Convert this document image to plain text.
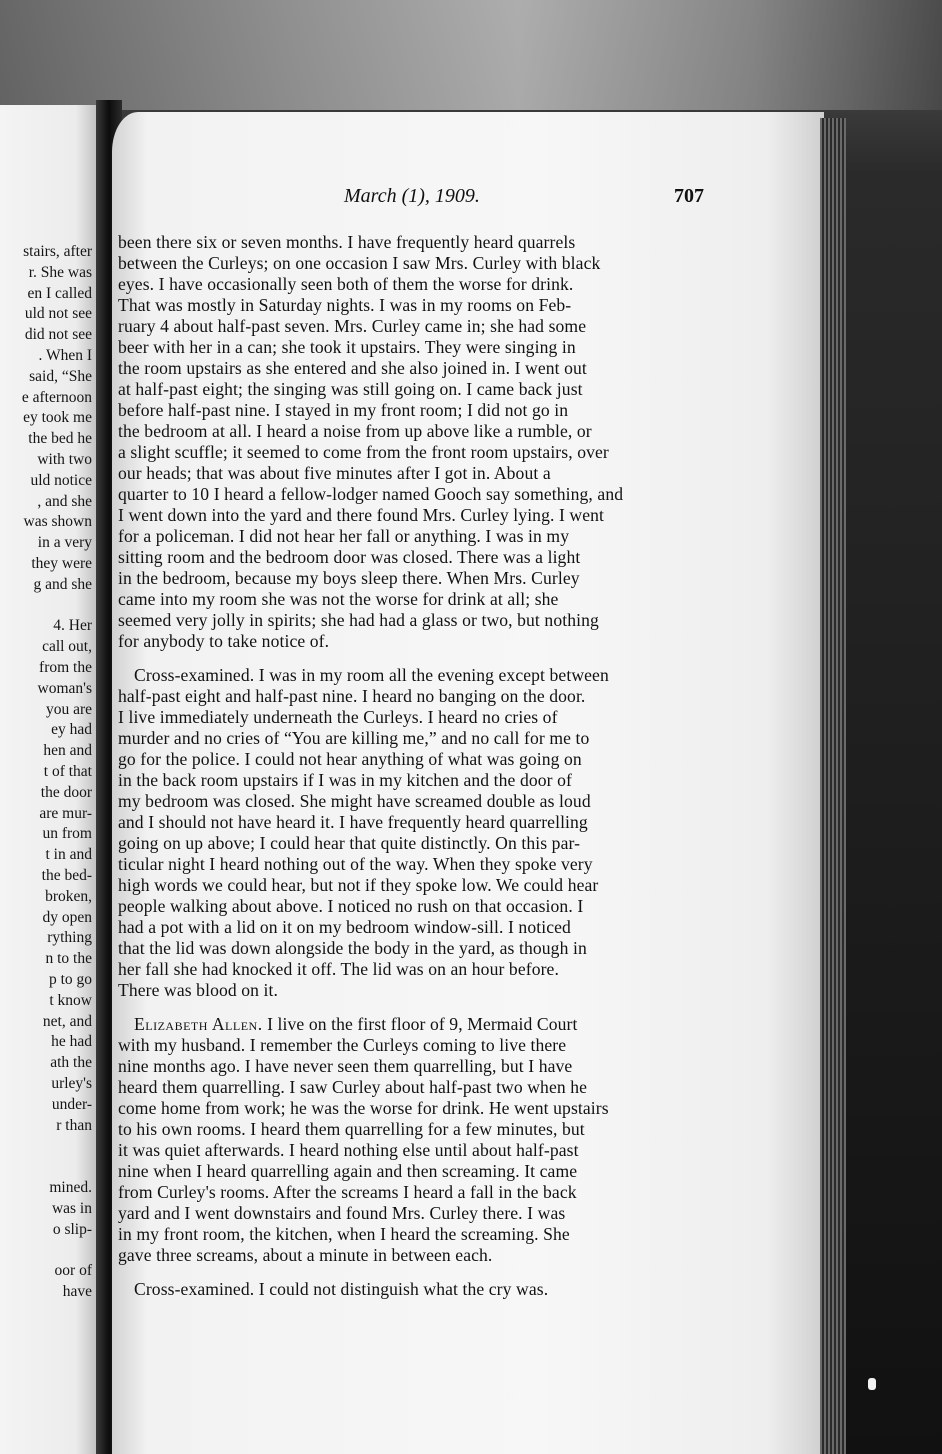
stairs, after
r. She was
en I called
uld not see
did not see
. When I
said, “She
e afternoon
ey took me
the bed he
with two
uld notice
, and she
was shown
in a very
they were
g and she
4. Her
call out,
from the
woman's
you are
ey had
hen and
t of that
the door
are mur-
un from
t in and
the bed-
broken,
dy open
rything
n to the
p to go
t know
net, and
he had
ath the
urley's
under-
r than
mined.
was in
o slip-
oor of
have
March (1), 1909.	707
been there six or seven months. I have frequently heard quarrels
between the Curleys; on one occasion I saw Mrs. Curley with black
eyes. I have occasionally seen both of them the worse for drink.
That was mostly in Saturday nights. I was in my rooms on Feb-
ruary 4 about half-past seven. Mrs. Curley came in; she had some
beer with her in a can; she took it upstairs. They were singing in
the room upstairs as she entered and she also joined in. I went out
at half-past eight; the singing was still going on. I came back just
before half-past nine. I stayed in my front room; I did not go in
the bedroom at all. I heard a noise from up above like a rumble, or
a slight scuffle; it seemed to come from the front room upstairs, over
our heads; that was about five minutes after I got in. About a
quarter to 10 I heard a fellow-lodger named Gooch say something, and
I went down into the yard and there found Mrs. Curley lying. I went
for a policeman. I did not hear her fall or anything. I was in my
sitting room and the bedroom door was closed. There was a light
in the bedroom, because my boys sleep there. When Mrs. Curley
came into my room she was not the worse for drink at all; she
seemed very jolly in spirits; she had had a glass or two, but nothing
for anybody to take notice of.
Cross-examined. I was in my room all the evening except between
half-past eight and half-past nine. I heard no banging on the door.
I live immediately underneath the Curleys. I heard no cries of
murder and no cries of “You are killing me,” and no call for me to
go for the police. I could not hear anything of what was going on
in the back room upstairs if I was in my kitchen and the door of
my bedroom was closed. She might have screamed double as loud
and I should not have heard it. I have frequently heard quarrelling
going on up above; I could hear that quite distinctly. On this par-
ticular night I heard nothing out of the way. When they spoke very
high words we could hear, but not if they spoke low. We could hear
people walking about above. I noticed no rush on that occasion. I
had a pot with a lid on it on my bedroom window-sill. I noticed
that the lid was down alongside the body in the yard, as though in
her fall she had knocked it off. The lid was on an hour before.
There was blood on it.
Elizabeth Allen. I live on the first floor of 9, Mermaid Court
with my husband. I remember the Curleys coming to live there
nine months ago. I have never seen them quarrelling, but I have
heard them quarrelling. I saw Curley about half-past two when he
come home from work; he was the worse for drink. He went upstairs
to his own rooms. I heard them quarrelling for a few minutes, but
it was quiet afterwards. I heard nothing else until about half-past
nine when I heard quarrelling again and then screaming. It came
from Curley's rooms. After the screams I heard a fall in the back
yard and I went downstairs and found Mrs. Curley there. I was
in my front room, the kitchen, when I heard the screaming. She
gave three screams, about a minute in between each.
Cross-examined. I could not distinguish what the cry was.
